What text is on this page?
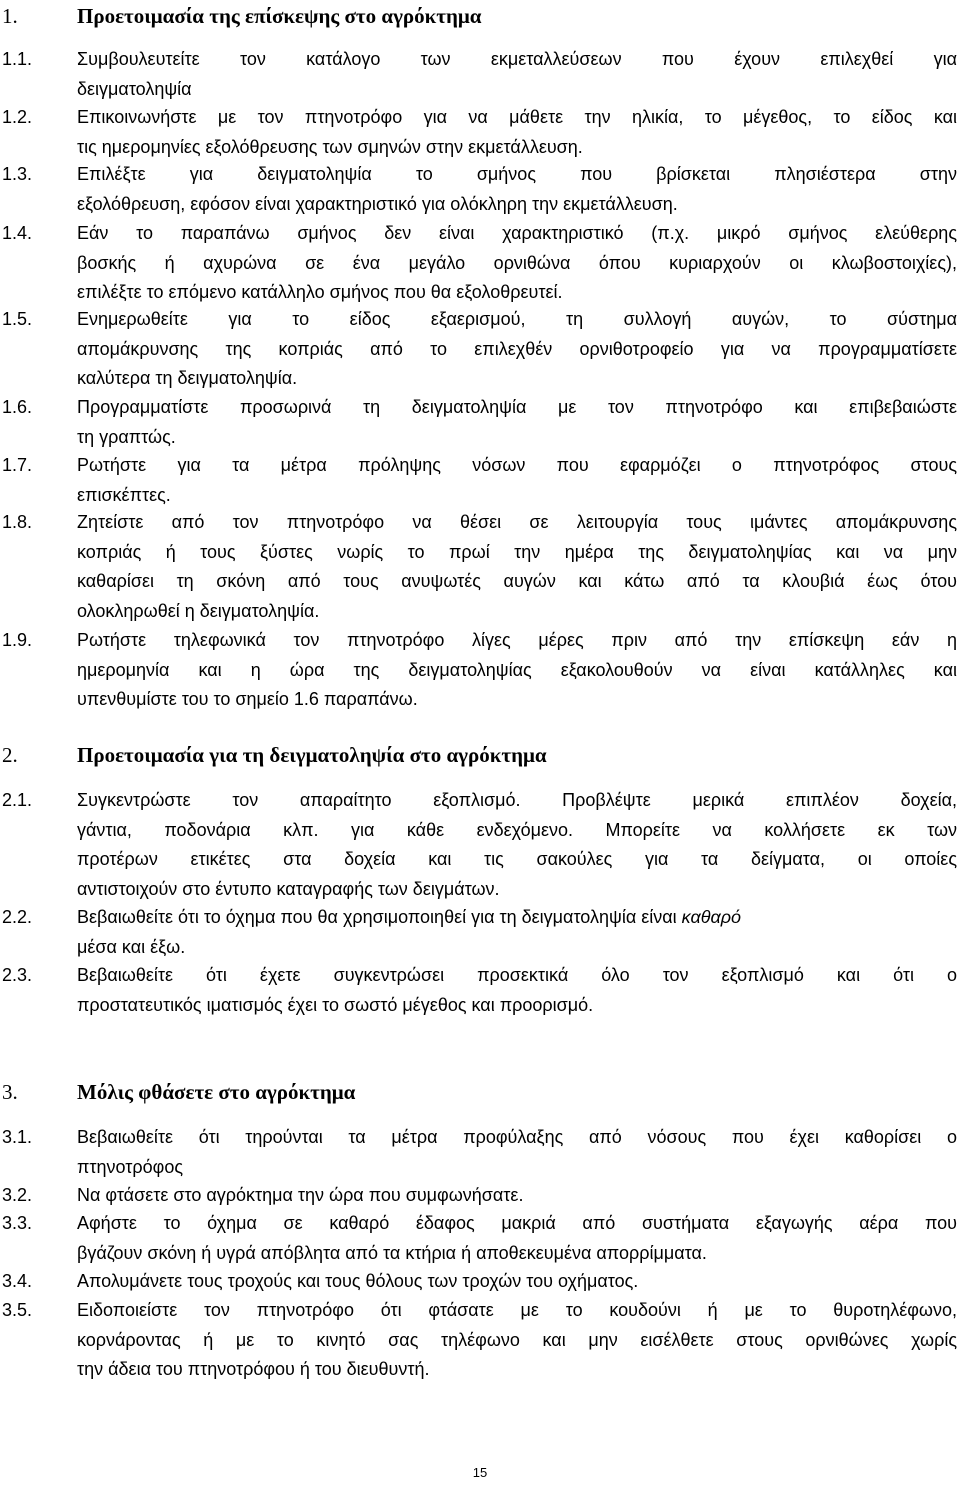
1.	Προετοιμασία της επίσκεψης στο αγρόκτημα
1.1. Συμβουλευτείτε τον κατάλογο των εκμεταλλεύσεων που έχουν επιλεχθεί για
δειγματοληψία
1.2. Επικοινωνήστε με τον πτηνοτρόφο για να μάθετε την ηλικία, το μέγεθος, το είδος και
τις ημερομηνίες εξολόθρευσης των σμηνών στην εκμετάλλευση.
1.3. Επιλέξτε για δειγματοληψία το σμήνος που βρίσκεται πλησιέστερα στην
εξολόθρευση, εφόσον είναι χαρακτηριστικό για ολόκληρη την εκμετάλλευση.
1.4. Εάν το παραπάνω σμήνος δεν είναι χαρακτηριστικό (π.χ. μικρό σμήνος ελεύθερης
βοσκής ή αχυρώνα σε ένα μεγάλο ορνιθώνα όπου κυριαρχούν οι κλωβοστοιχίες),
επιλέξτε το επόμενο κατάλληλο σμήνος που θα εξολοθρευτεί.
1.5. Ενημερωθείτε για το είδος εξαερισμού, τη συλλογή αυγών, το σύστημα
απομάκρυνσης της κοπριάς από το επιλεχθέν ορνιθοτροφείο για να προγραμματίσετε
καλύτερα τη δειγματοληψία.
1.6. Προγραμματίστε προσωρινά τη δειγματοληψία με τον πτηνοτρόφο και επιβεβαιώστε
τη γραπτώς.
1.7. Ρωτήστε για τα μέτρα πρόληψης νόσων που εφαρμόζει ο πτηνοτρόφος στους
επισκέπτες.
1.8. Ζητείστε από τον πτηνοτρόφο να θέσει σε λειτουργία τους ιμάντες απομάκρυνσης
κοπριάς ή τους ξύστες νωρίς το πρωί την ημέρα της δειγματοληψίας και να μην
καθαρίσει τη σκόνη από τους ανυψωτές αυγών και κάτω από τα κλουβιά έως ότου
ολοκληρωθεί η δειγματοληψία.
1.9. Ρωτήστε τηλεφωνικά τον πτηνοτρόφο λίγες μέρες πριν από την επίσκεψη εάν η
ημερομηνία και η ώρα της δειγματοληψίας εξακολουθούν να είναι κατάλληλες και
υπενθυμίστε του το σημείο 1.6 παραπάνω.
2.	Προετοιμασία για τη δειγματοληψία στο αγρόκτημα
2.1. Συγκεντρώστε τον απαραίτητο εξοπλισμό. Προβλέψτε μερικά επιπλέον δοχεία,
γάντια, ποδονάρια κλπ. για κάθε ενδεχόμενο. Μπορείτε να κολλήσετε εκ των
προτέρων ετικέτες στα δοχεία και τις σακούλες για τα δείγματα, οι οποίες
αντιστοιχούν στο έντυπο καταγραφής των δειγμάτων.
2.2. Βεβαιωθείτε ότι το όχημα που θα χρησιμοποιηθεί για τη δειγματοληψία είναι καθαρό
μέσα και έξω.
2.3. Βεβαιωθείτε ότι έχετε συγκεντρώσει προσεκτικά όλο τον εξοπλισμό και ότι ο
προστατευτικός ιματισμός έχει το σωστό μέγεθος και προορισμό.
3.	Μόλις φθάσετε στο αγρόκτημα
3.1. Βεβαιωθείτε ότι τηρούνται τα μέτρα προφύλαξης από νόσους που έχει καθορίσει ο
πτηνοτρόφος
3.2. Να φτάσετε στο αγρόκτημα την ώρα που συμφωνήσατε.
3.3. Αφήστε το όχημα σε καθαρό έδαφος μακριά από συστήματα εξαγωγής αέρα που
βγάζουν σκόνη ή υγρά απόβλητα από τα κτήρια ή αποθεκευμένα απορρίμματα.
3.4. Απολυμάνετε τους τροχούς και τους θόλους των τροχών του οχήματος.
3.5. Ειδοποιείστε τον πτηνοτρόφο ότι φτάσατε με το κουδούνι ή με το θυροτηλέφωνο,
κορνάροντας ή με το κινητό σας τηλέφωνο και μην εισέλθετε στους ορνιθώνες χωρίς
την άδεια του πτηνοτρόφου ή του διευθυντή.
15
